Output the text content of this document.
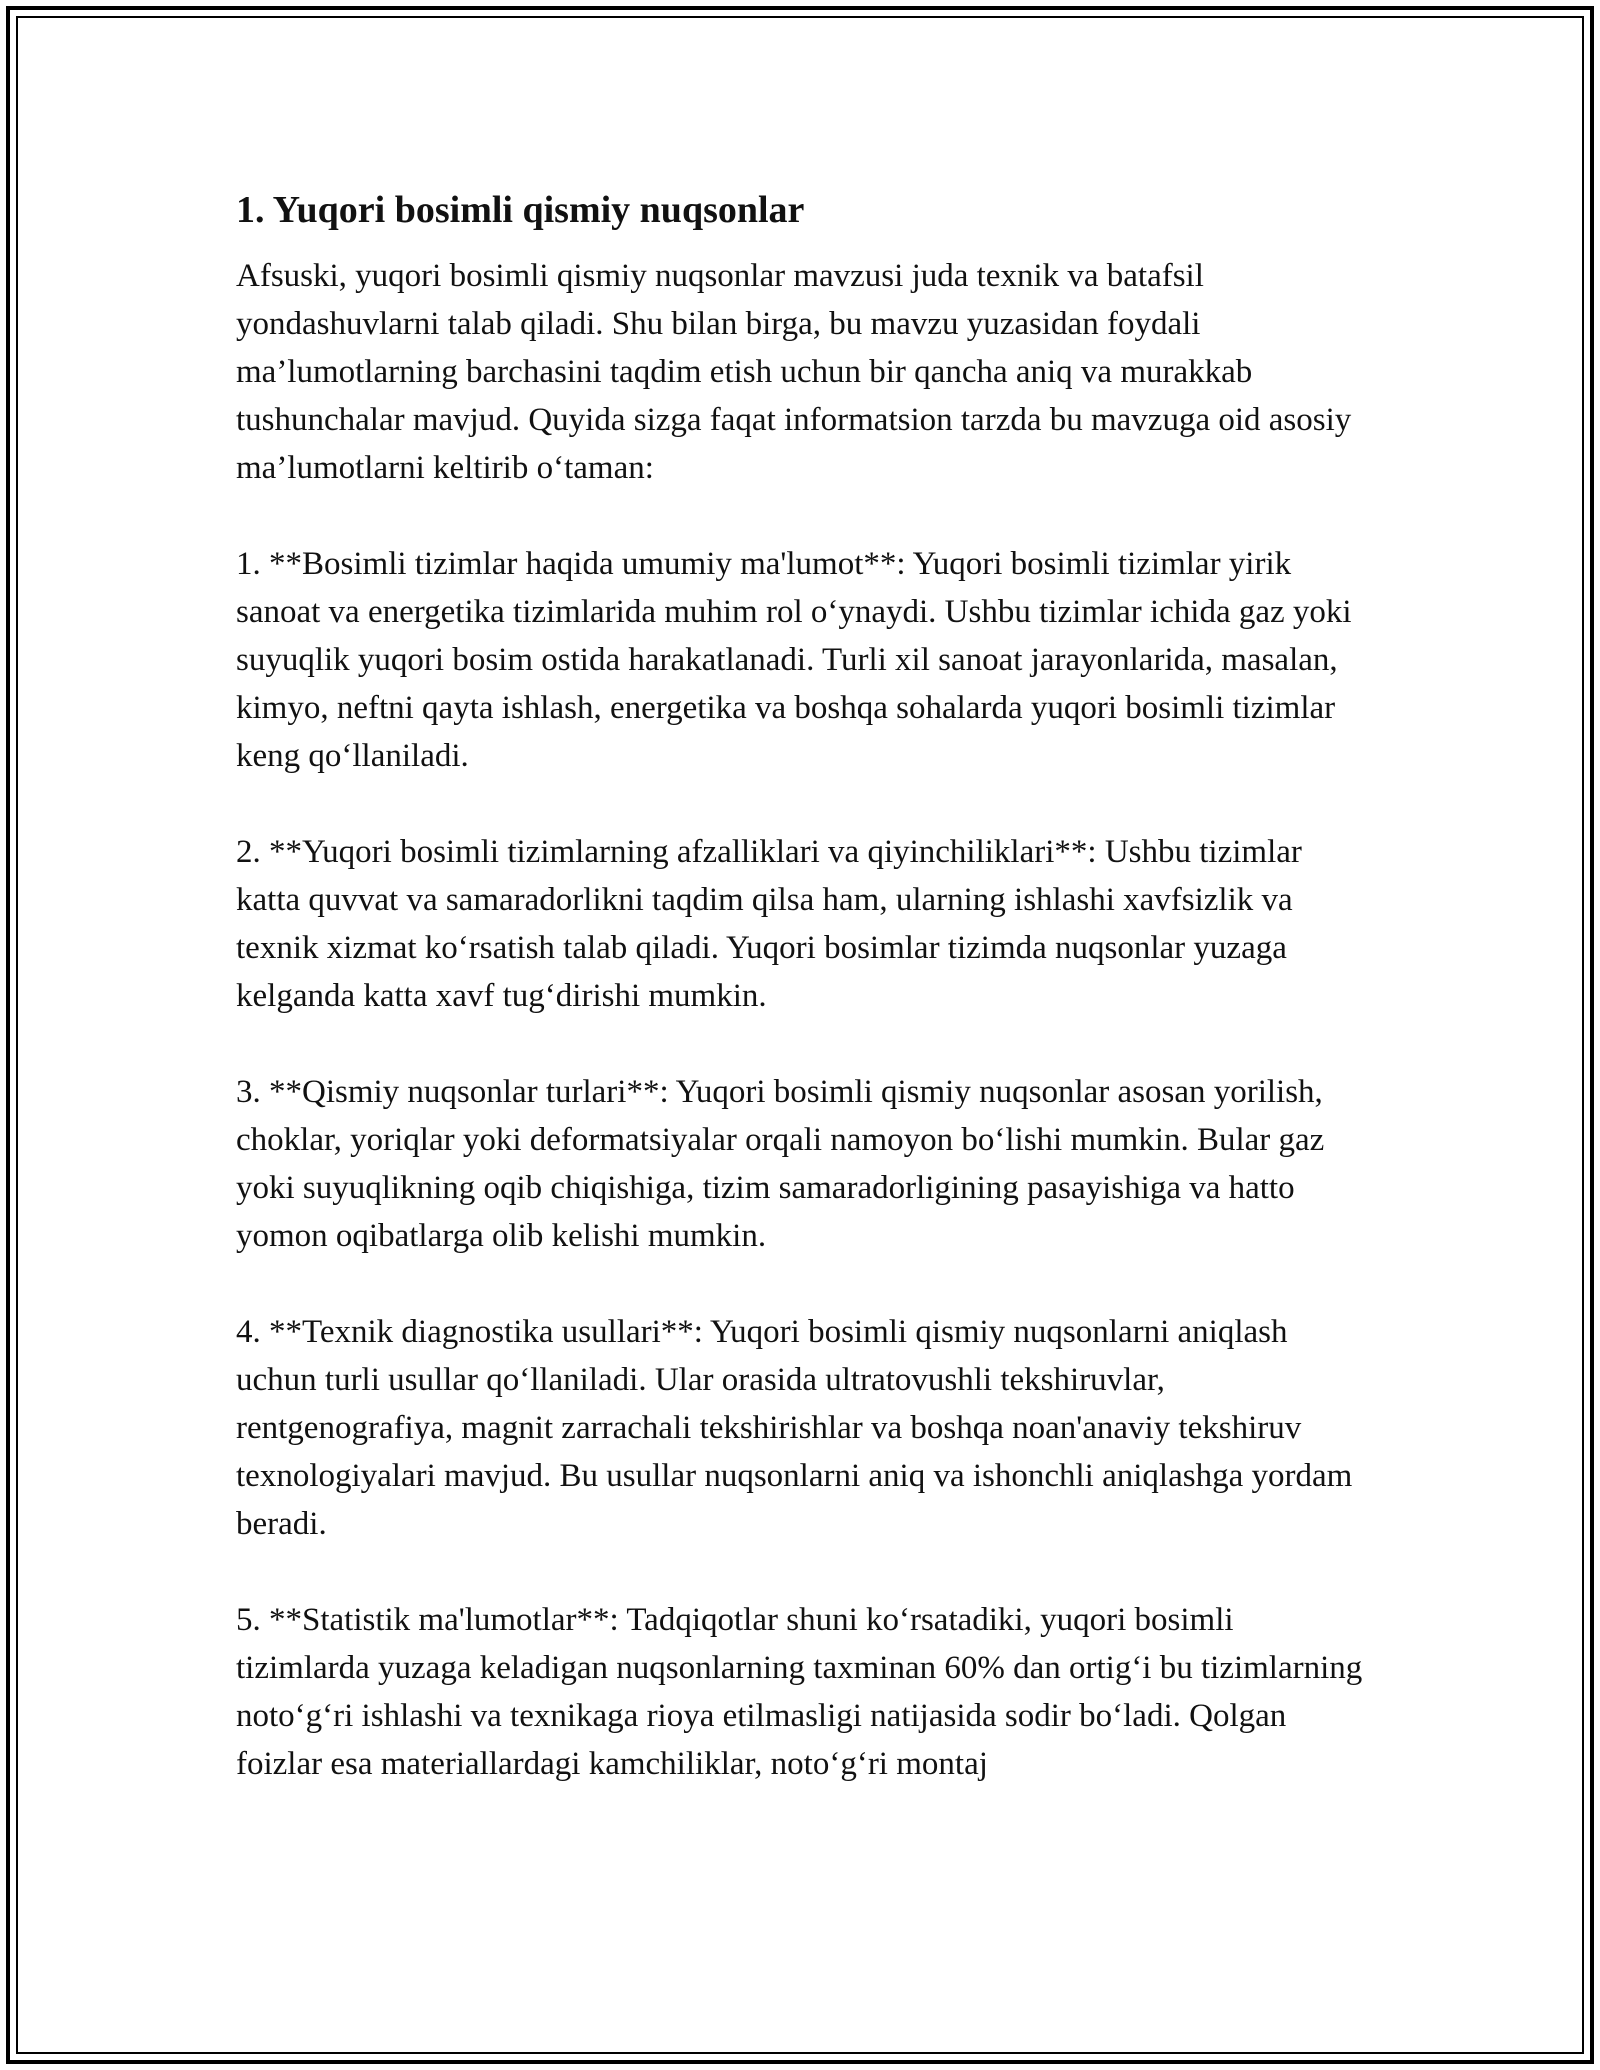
1. Yuqori bosimli qismiy nuqsonlar

Afsuski, yuqori bosimli qismiy nuqsonlar mavzusi juda texnik va batafsil yondashuvlarni talab qiladi. Shu bilan birga, bu mavzu yuzasidan foydali ma’lumotlarning barchasini taqdim etish uchun bir qancha aniq va murakkab tushunchalar mavjud. Quyida sizga faqat informatsion tarzda bu mavzuga oid asosiy ma’lumotlarni keltirib o‘taman:

1. **Bosimli tizimlar haqida umumiy ma'lumot**: Yuqori bosimli tizimlar yirik sanoat va energetika tizimlarida muhim rol o‘ynaydi. Ushbu tizimlar ichida gaz yoki suyuqlik yuqori bosim ostida harakatlanadi. Turli xil sanoat jarayonlarida, masalan, kimyo, neftni qayta ishlash, energetika va boshqa sohalarda yuqori bosimli tizimlar keng qo‘llaniladi.

2. **Yuqori bosimli tizimlarning afzalliklari va qiyinchiliklari**: Ushbu tizimlar katta quvvat va samaradorlikni taqdim qilsa ham, ularning ishlashi xavfsizlik va texnik xizmat ko‘rsatish talab qiladi. Yuqori bosimlar tizimda nuqsonlar yuzaga kelganda katta xavf tug‘dirishi mumkin.

3. **Qismiy nuqsonlar turlari**: Yuqori bosimli qismiy nuqsonlar asosan yorilish, choklar, yoriqlar yoki deformatsiyalar orqali namoyon bo‘lishi mumkin. Bular gaz yoki suyuqlikning oqib chiqishiga, tizim samaradorligining pasayishiga va hatto yomon oqibatlarga olib kelishi mumkin.

4. **Texnik diagnostika usullari**: Yuqori bosimli qismiy nuqsonlarni aniqlash uchun turli usullar qo‘llaniladi. Ular orasida ultratovushli tekshiruvlar, rentgenografiya, magnit zarrachali tekshirishlar va boshqa noan'anaviy tekshiruv texnologiyalari mavjud. Bu usullar nuqsonlarni aniq va ishonchli aniqlashga yordam beradi.

5. **Statistik ma'lumotlar**: Tadqiqotlar shuni ko‘rsatadiki, yuqori bosimli tizimlarda yuzaga keladigan nuqsonlarning taxminan 60% dan ortig‘i bu tizimlarning noto‘g‘ri ishlashi va texnikaga rioya etilmasligi natijasida sodir bo‘ladi. Qolgan foizlar esa materiallardagi kamchiliklar, noto‘g‘ri montaj
